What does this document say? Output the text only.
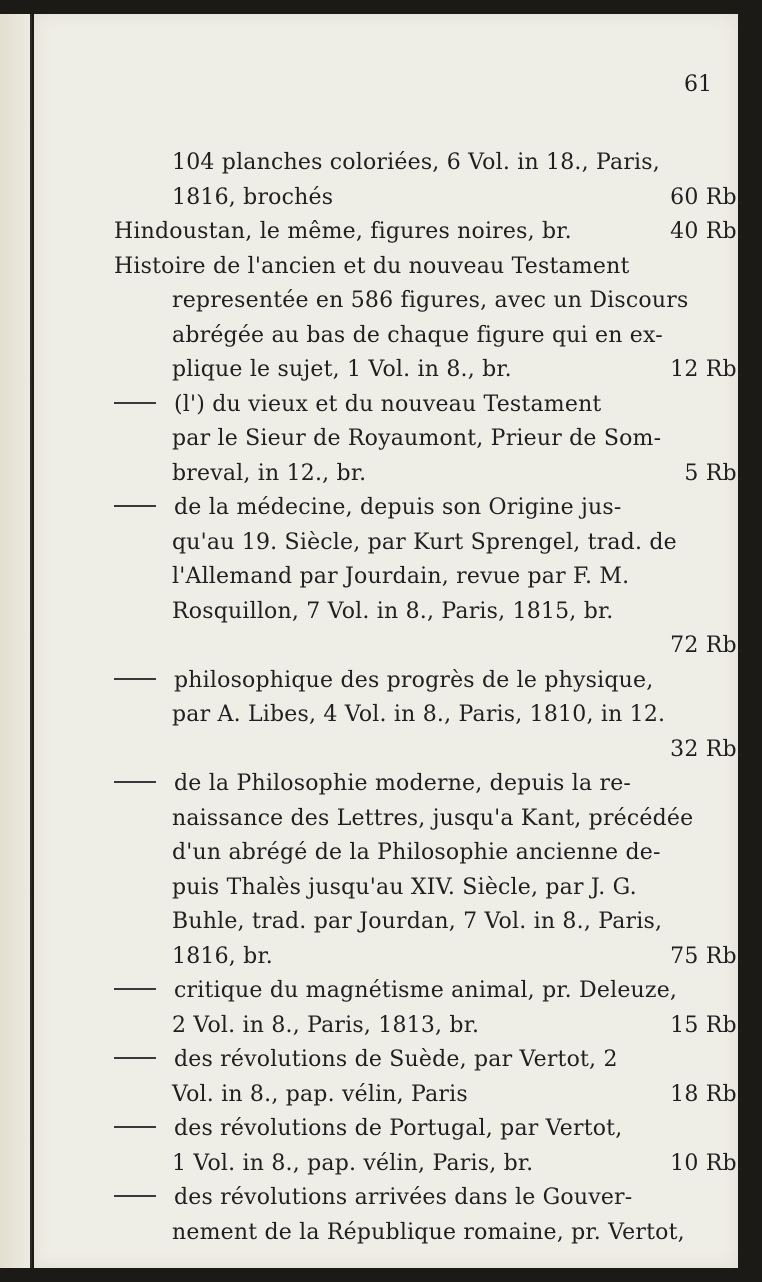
61
104 planches coloriées, 6 Vol. in 18., Paris,
1816, brochés	60 Rb.
Hindoustan, le même, figures noires, br.	40 Rb.
Histoire de l'ancien et du nouveau Testament
representée en 586 figures, avec un Discours
abrégée au bas de chaque figure qui en ex-
plique le sujet, 1 Vol. in 8., br.	12 Rb.
(l') du vieux et du nouveau Testament
par le Sieur de Royaumont, Prieur de Som-
breval, in 12., br.	5 Rb.
de la médecine, depuis son Origine jus-
qu'au 19. Siècle, par Kurt Sprengel, trad. de
l'Allemand par Jourdain, revue par F. M.
Rosquillon, 7 Vol. in 8., Paris, 1815, br.
72 Rb.
philosophique des progrès de le physique,
par A. Libes, 4 Vol. in 8., Paris, 1810, in 12.
32 Rb.
de la Philosophie moderne, depuis la re-
naissance des Lettres, jusqu'a Kant, précédée
d'un abrégé de la Philosophie ancienne de-
puis Thalès jusqu'au XIV. Siècle, par J. G.
Buhle, trad. par Jourdan, 7 Vol. in 8., Paris,
1816, br.	75 Rb.
critique du magnétisme animal, pr. Deleuze,
2 Vol. in 8., Paris, 1813, br.	15 Rb.
des révolutions de Suède, par Vertot, 2
Vol. in 8., pap. vélin, Paris	18 Rb.
des révolutions de Portugal, par Vertot,
1 Vol. in 8., pap. vélin, Paris, br.	10 Rb.
des révolutions arrivées dans le Gouver-
nement de la République romaine, pr. Vertot,
